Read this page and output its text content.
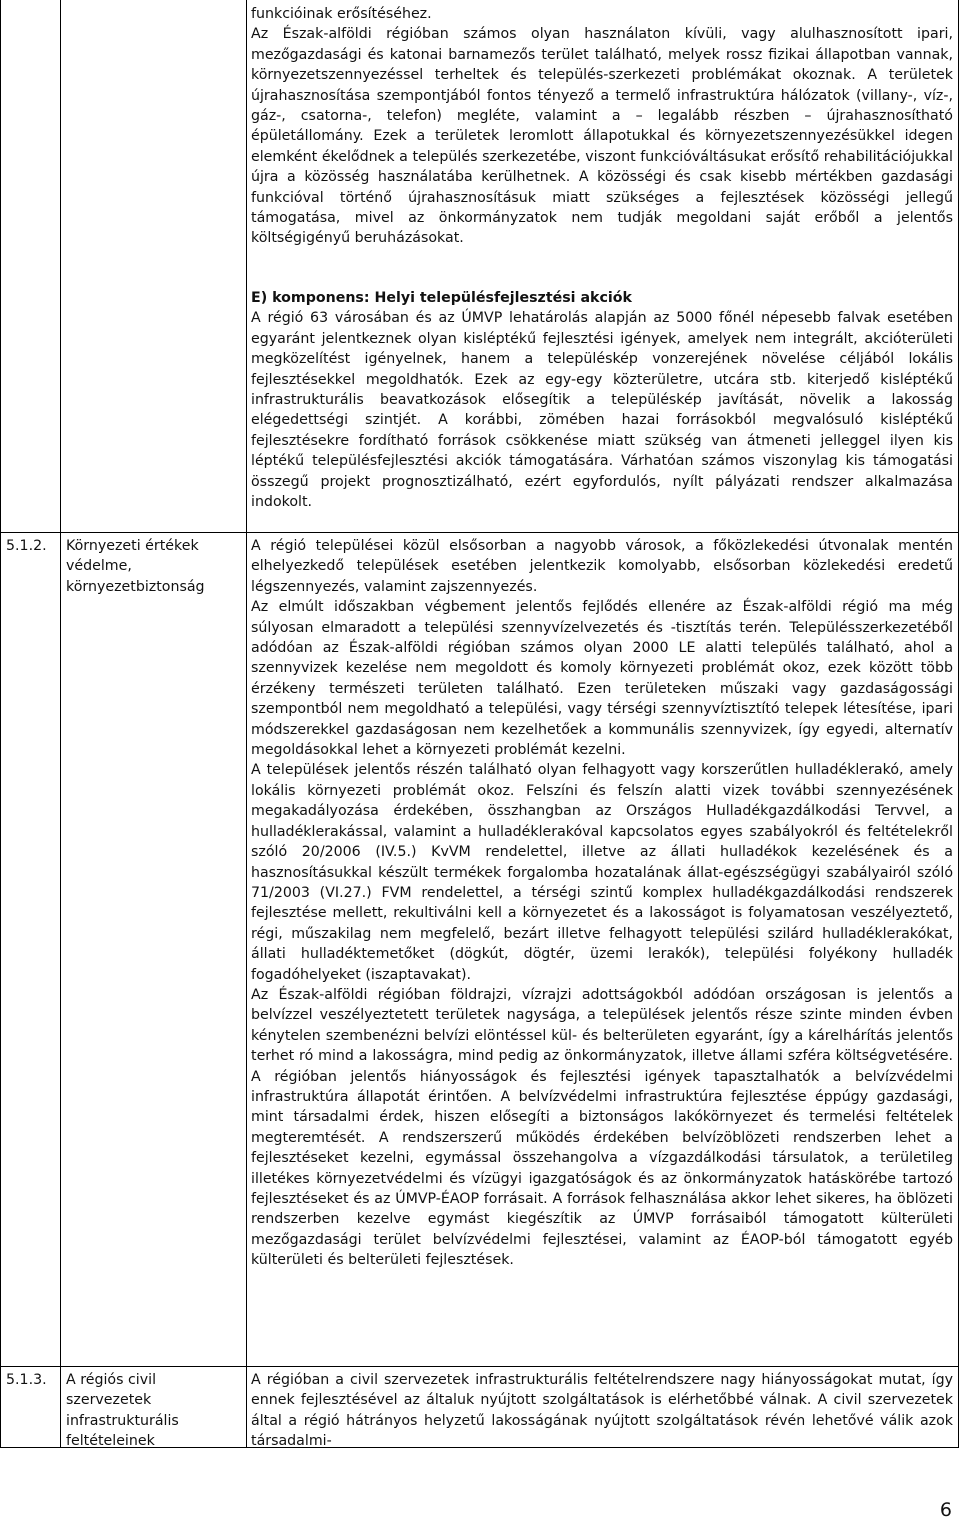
funkcióinak erősítéséhez.

Az Észak-alföldi régióban számos olyan használaton kívüli, vagy alulhasznosított ipari, mezőgazdasági és katonai barnamezős terület található, melyek rossz fizikai állapotban vannak, környezetszennyezéssel terheltek és település-szerkezeti problémákat okoznak. A területek újrahasznosítása szempontjából fontos tényező a termelő infrastruktúra hálózatok (villany-, víz-, gáz-, csatorna-, telefon) megléte, valamint a – legalább részben – újrahasznosítható épületállomány. Ezek a területek leromlott állapotukkal és környezetszennyezésükkel idegen elemként ékelődnek a település szerkezetébe, viszont funkcióváltásukat erősítő rehabilitációjukkal újra a közösség használatába kerülhetnek. A közösségi és csak kisebb mértékben gazdasági funkcióval történő újrahasznosításuk miatt szükséges a fejlesztések közösségi jellegű támogatása, mivel az önkormányzatok nem tudják megoldani saját erőből a jelentős költségigényű beruházásokat.

E) komponens: Helyi településfejlesztési akciók

A régió 63 városában és az ÚMVP lehatárolás alapján az 5000 főnél népesebb falvak esetében egyaránt jelentkeznek olyan kisléptékű fejlesztési igények, amelyek nem integrált, akcióterületi megközelítést igényelnek, hanem a településkép vonzerejének növelése céljából lokális fejlesztésekkel megoldhatók. Ezek az egy-egy közterületre, utcára stb. kiterjedő kisléptékű infrastrukturális beavatkozások elősegítik a településkép javítását, növelik a lakosság elégedettségi szintjét. A korábbi, zömében hazai forrásokból megvalósuló kisléptékű fejlesztésekre fordítható források csökkenése miatt szükség van átmeneti jelleggel ilyen kis léptékű településfejlesztési akciók támogatására. Várhatóan számos viszonylag kis támogatási összegű projekt prognosztizálható, ezért egyfordulós, nyílt pályázati rendszer alkalmazása indokolt.

5.1.2. Környezeti értékek védelme, környezetbiztonság

A régió települései közül elsősorban a nagyobb városok, a főközlekedési útvonalak mentén elhelyezkedő települések esetében jelentkezik komolyabb, elsősorban közlekedési eredetű légszennyezés, valamint zajszennyezés.

Az elmúlt időszakban végbement jelentős fejlődés ellenére az Észak-alföldi régió ma még súlyosan elmaradott a települési szennyvízelvezetés és -tisztítás terén. Településszerkezetéből adódóan az Észak-alföldi régióban számos olyan 2000 LE alatti település található, ahol a szennyvizek kezelése nem megoldott és komoly környezeti problémát okoz, ezek között több érzékeny természeti területen található. Ezen területeken műszaki vagy gazdaságossági szempontból nem megoldható a települési, vagy térségi szennyvíztisztító telepek létesítése, ipari módszerekkel gazdaságosan nem kezelhetőek a kommunális szennyvizek, így egyedi, alternatív megoldásokkal lehet a környezeti problémát kezelni.

A települések jelentős részén található olyan felhagyott vagy korszerűtlen hulladéklerakó, amely lokális környezeti problémát okoz. Felszíni és felszín alatti vizek további szennyezésének megakadályozása érdekében, összhangban az Országos Hulladékgazdálkodási Tervvel, a hulladéklerakással, valamint a hulladéklerakóval kapcsolatos egyes szabályokról és feltételekről szóló 20/2006 (IV.5.) KvVM rendelettel, illetve az állati hulladékok kezelésének és a hasznosításukkal készült termékek forgalomba hozatalának állat-egészségügyi szabályairól szóló 71/2003 (VI.27.) FVM rendelettel, a térségi szintű komplex hulladékgazdálkodási rendszerek fejlesztése mellett, rekultiválni kell a környezetet és a lakosságot is folyamatosan veszélyeztető, régi, műszakilag nem megfelelő, bezárt illetve felhagyott települési szilárd hulladéklerakókat, állati hulladéktemetőket (dögkút, dögtér, üzemi lerakók), települési folyékony hulladék fogadóhelyeket (iszaptavakat).

Az Észak-alföldi régióban földrajzi, vízrajzi adottságokból adódóan országosan is jelentős a belvízzel veszélyeztetett területek nagysága, a települések jelentős része szinte minden évben kénytelen szembenézni belvízi elöntéssel kül- és belterületen egyaránt, így a kárelhárítás jelentős terhet ró mind a lakosságra, mind pedig az önkormányzatok, illetve állami szféra költségvetésére. A régióban jelentős hiányosságok és fejlesztési igények tapasztalhatók a belvízvédelmi infrastruktúra állapotát érintően. A belvízvédelmi infrastruktúra fejlesztése éppúgy gazdasági, mint társadalmi érdek, hiszen elősegíti a biztonságos lakókörnyezet és termelési feltételek megteremtését. A rendszerszerű működés érdekében belvízöblözeti rendszerben lehet a fejlesztéseket kezelni, egymással összehangolva a vízgazdálkodási társulatok, a területileg illetékes környezetvédelmi és vízügyi igazgatóságok és az önkormányzatok hatáskörébe tartozó fejlesztéseket és az ÚMVP-ÉAOP forrásait. A források felhasználása akkor lehet sikeres, ha öblözeti rendszerben kezelve egymást kiegészítik az ÚMVP forrásaiból támogatott külterületi mezőgazdasági terület belvízvédelmi fejlesztései, valamint az ÉAOP-ból támogatott egyéb külterületi és belterületi fejlesztések.

5.1.3. A régiós civil szervezetek infrastrukturális feltételeinek

A régióban a civil szervezetek infrastrukturális feltételrendszere nagy hiányosságokat mutat, így ennek fejlesztésével az általuk nyújtott szolgáltatások is elérhetőbbé válnak. A civil szervezetek által a régió hátrányos helyzetű lakosságának nyújtott szolgáltatások révén lehetővé válik azok társadalmi-

6
